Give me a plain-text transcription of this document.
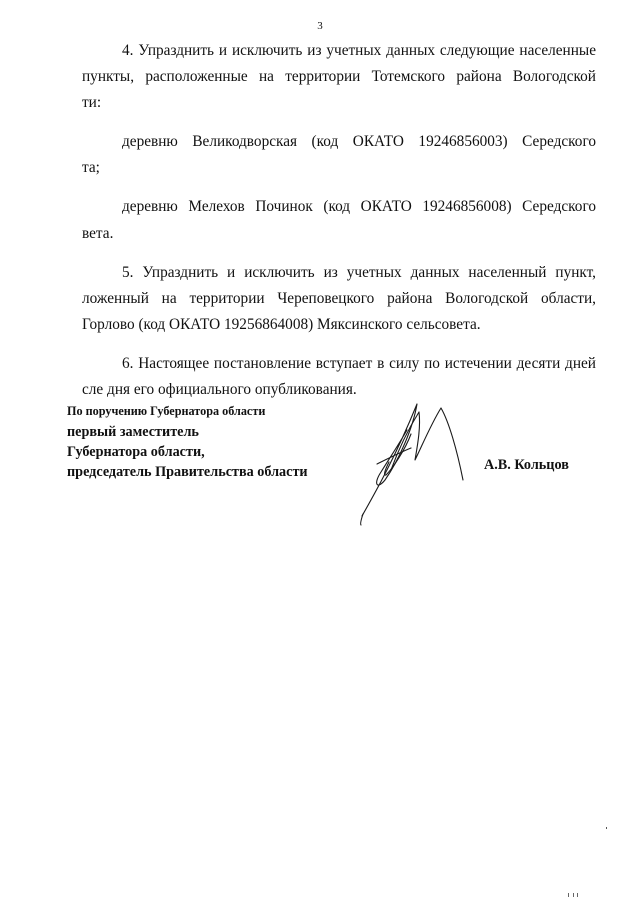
3
4. Упразднить и исключить из учетных данных следующие населенные
пункты, расположенные на территории Тотемского района Вологодской
ти:
деревню Великодворская (код ОКАТО 19246856003) Середского
та;
деревню Мелехов Починок (код ОКАТО 19246856008) Середского
вета.
5. Упразднить и исключить из учетных данных населенный пункт,
ложенный на территории Череповецкого района Вологодской области,
Горлово (код ОКАТО 19256864008) Мяксинского сельсовета.
6. Настоящее постановление вступает в силу по истечении десяти дней
сле дня его официального опубликования.
По поручению Губернатора области
первый заместитель
Губернатора области,
председатель Правительства области	А.В. Кольцов
